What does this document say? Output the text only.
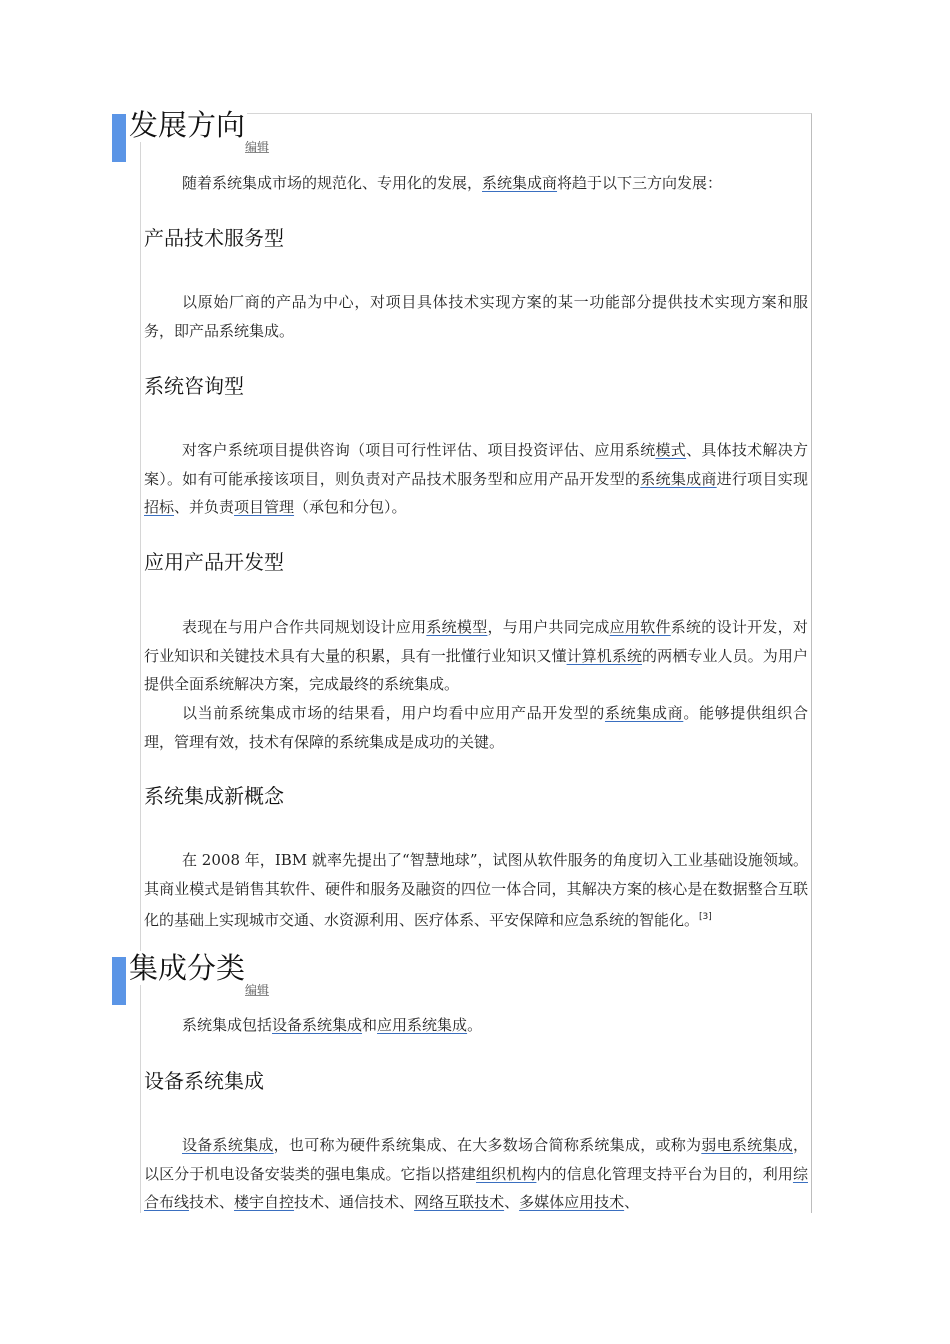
发展方向
编辑

随着系统集成市场的规范化、专用化的发展，系统集成商将趋于以下三方向发展：

产品技术服务型

以原始厂商的产品为中心，对项目具体技术实现方案的某一功能部分提供技术实现方案和服务，即产品系统集成。

系统咨询型

对客户系统项目提供咨询（项目可行性评估、项目投资评估、应用系统模式、具体技术解决方案）。如有可能承接该项目，则负责对产品技术服务型和应用产品开发型的系统集成商进行项目实现招标、并负责项目管理（承包和分包）。

应用产品开发型

表现在与用户合作共同规划设计应用系统模型，与用户共同完成应用软件系统的设计开发，对行业知识和关键技术具有大量的积累，具有一批懂行业知识又懂计算机系统的两栖专业人员。为用户提供全面系统解决方案，完成最终的系统集成。

以当前系统集成市场的结果看，用户均看中应用产品开发型的系统集成商。能够提供组织合理，管理有效，技术有保障的系统集成是成功的关键。

系统集成新概念

在 2008 年，IBM 就率先提出了“智慧地球”，试图从软件服务的角度切入工业基础设施领域。其商业模式是销售其软件、硬件和服务及融资的四位一体合同，其解决方案的核心是在数据整合互联化的基础上实现城市交通、水资源利用、医疗体系、平安保障和应急系统的智能化。[3]

集成分类
编辑

系统集成包括设备系统集成和应用系统集成。

设备系统集成

设备系统集成，也可称为硬件系统集成、在大多数场合简称系统集成，或称为弱电系统集成，以区分于机电设备安装类的强电集成。它指以搭建组织机构内的信息化管理支持平台为目的，利用综合布线技术、楼宇自控技术、通信技术、网络互联技术、多媒体应用技术、
